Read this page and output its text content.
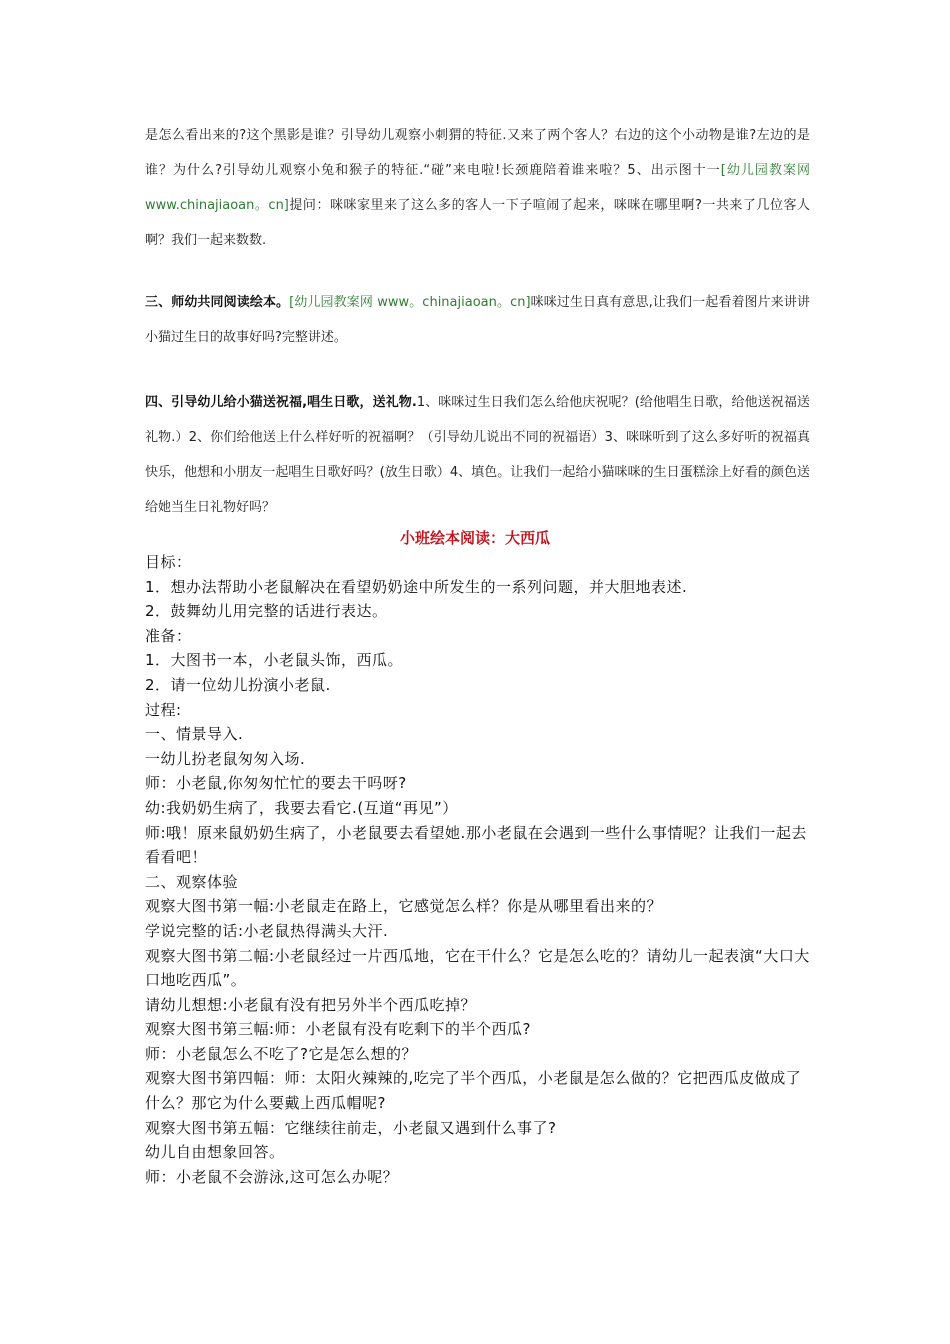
是怎么看出来的?这个黑影是谁？引导幼儿观察小刺猬的特征.又来了两个客人？右边的这个小动物是谁?左边的是谁？为什么?引导幼儿观察小兔和猴子的特征.“碰”来电啦!长颈鹿陪着谁来啦？5、出示图十一[幼儿园教案网 www.chinajiaoan。cn]提问：咪咪家里来了这么多的客人一下子喧闹了起来，咪咪在哪里啊?一共来了几位客人啊？我们一起来数数.

三、师幼共同阅读绘本。[幼儿园教案网 www。chinajiaoan。cn]咪咪过生日真有意思,让我们一起看着图片来讲讲小猫过生日的故事好吗?完整讲述。

四、引导幼儿给小猫送祝福,唱生日歌，送礼物.1、咪咪过生日我们怎么给他庆祝呢？(给他唱生日歌，给他送祝福送礼物.）2、你们给他送上什么样好听的祝福啊？（引导幼儿说出不同的祝福语）3、咪咪听到了这么多好听的祝福真快乐，他想和小朋友一起唱生日歌好吗？(放生日歌）4、填色。让我们一起给小猫咪咪的生日蛋糕涂上好看的颜色送给她当生日礼物好吗？

小班绘本阅读：大西瓜

目标：

1．想办法帮助小老鼠解决在看望奶奶途中所发生的一系列问题，并大胆地表述.

2．鼓舞幼儿用完整的话进行表达。

准备：

1．大图书一本，小老鼠头饰，西瓜。

2．请一位幼儿扮演小老鼠.

过程:

一、情景导入.

一幼儿扮老鼠匆匆入场.

师：小老鼠,你匆匆忙忙的要去干吗呀?

幼:我奶奶生病了，我要去看它.(互道“再见”）

师:哦！原来鼠奶奶生病了，小老鼠要去看望她.那小老鼠在会遇到一些什么事情呢？让我们一起去看看吧！

二、观察体验

观察大图书第一幅:小老鼠走在路上，它感觉怎么样？你是从哪里看出来的？

学说完整的话:小老鼠热得满头大汗.

观察大图书第二幅:小老鼠经过一片西瓜地，它在干什么？它是怎么吃的？请幼儿一起表演“大口大口地吃西瓜”。

请幼儿想想:小老鼠有没有把另外半个西瓜吃掉？

观察大图书第三幅:师：小老鼠有没有吃剩下的半个西瓜?

师：小老鼠怎么不吃了?它是怎么想的？

观察大图书第四幅：师：太阳火辣辣的,吃完了半个西瓜，小老鼠是怎么做的？它把西瓜皮做成了什么？那它为什么要戴上西瓜帽呢?

观察大图书第五幅：它继续往前走，小老鼠又遇到什么事了?

幼儿自由想象回答。

师：小老鼠不会游泳,这可怎么办呢？
